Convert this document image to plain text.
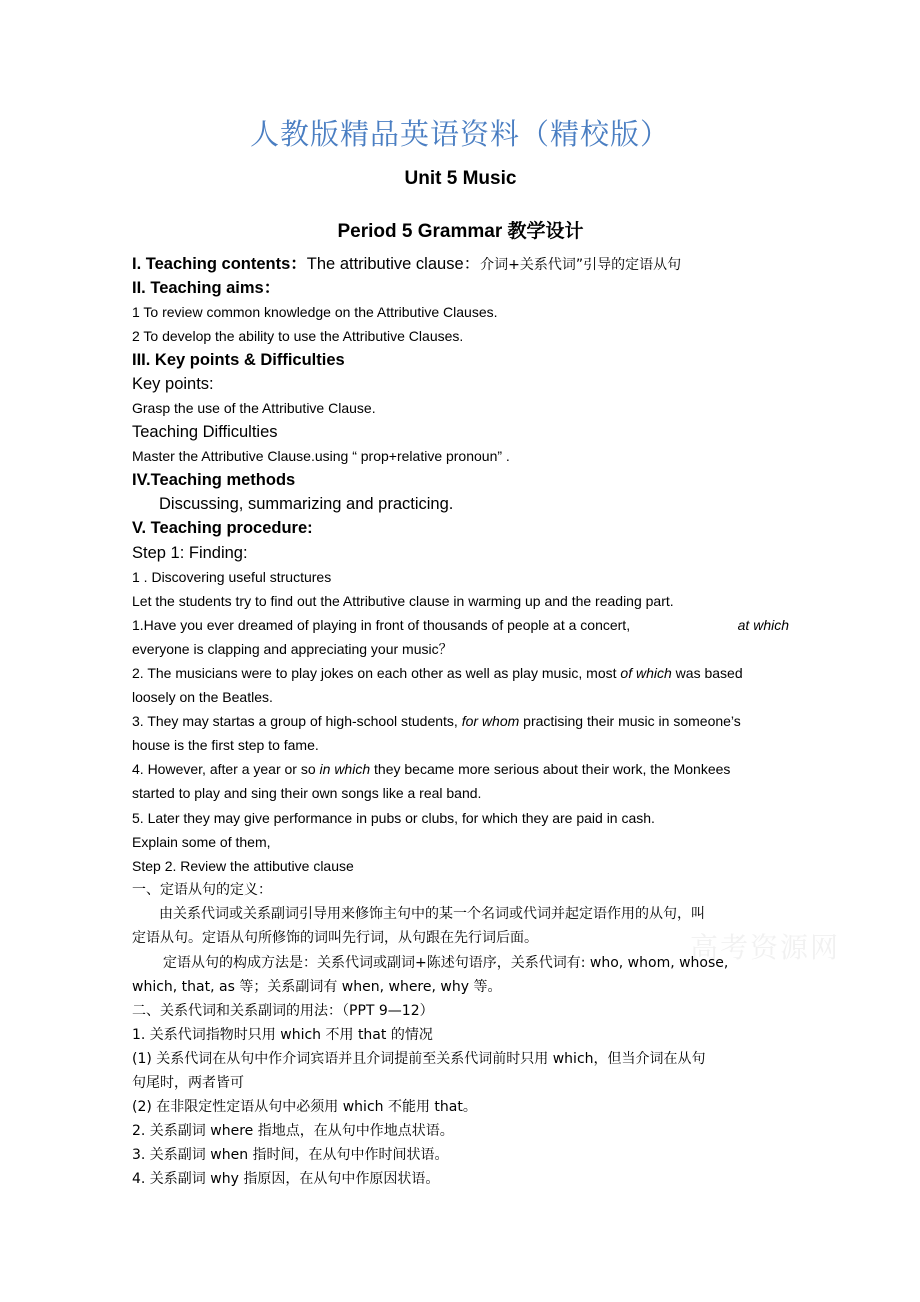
高考资源网
人教版精品英语资料（精校版）
Unit 5 Music
Period 5 Grammar 教学设计
I. Teaching contents：The attributive clause：介词+关系代词”引导的定语从句
II. Teaching aims：
1 To review common knowledge on the Attributive Clauses.
2 To develop the ability to use the Attributive Clauses.
III. Key points & Difficulties
Key points:
Grasp the use of the Attributive Clause.
Teaching Difficulties
Master the Attributive Clause.using “ prop+relative pronoun” .
IV.Teaching methods
Discussing, summarizing and practicing.
V. Teaching procedure:
Step 1: Finding:
1 . Discovering useful structures
Let the students try to find out the Attributive clause in warming up and the reading part.
1.Have you ever dreamed of playing in front of thousands of people at a concert,	at which
everyone is clapping and appreciating your music？
2. The musicians were to play jokes on each other as well as play music, most of which was based
loosely on the Beatles.
3. They may startas a group of high-school students, for whom practising their music in someone’s
house is the first step to fame.
4. However, after a year or so in which they became more serious about their work, the Monkees
started to play and sing their own songs like a real band.
5. Later they may give performance in pubs or clubs, for which they are paid in cash.
Explain some of them,
Step 2. Review the attibutive clause
一、定语从句的定义：
由关系代词或关系副词引导用来修饰主句中的某一个名词或代词并起定语作用的从句，叫
定语从句。定语从句所修饰的词叫先行词，从句跟在先行词后面。
定语从句的构成方法是：关系代词或副词+陈述句语序，关系代词有: who, whom, whose,
which, that, as 等；关系副词有 when, where, why 等。
二、关系代词和关系副词的用法：（PPT 9—12）
1. 关系代词指物时只用 which 不用 that 的情况
(1) 关系代词在从句中作介词宾语并且介词提前至关系代词前时只用 which，但当介词在从句
句尾时，两者皆可
(2) 在非限定性定语从句中必须用 which 不能用 that。
2. 关系副词 where 指地点，在从句中作地点状语。
3. 关系副词 when 指时间，在从句中作时间状语。
4. 关系副词 why 指原因，在从句中作原因状语。
